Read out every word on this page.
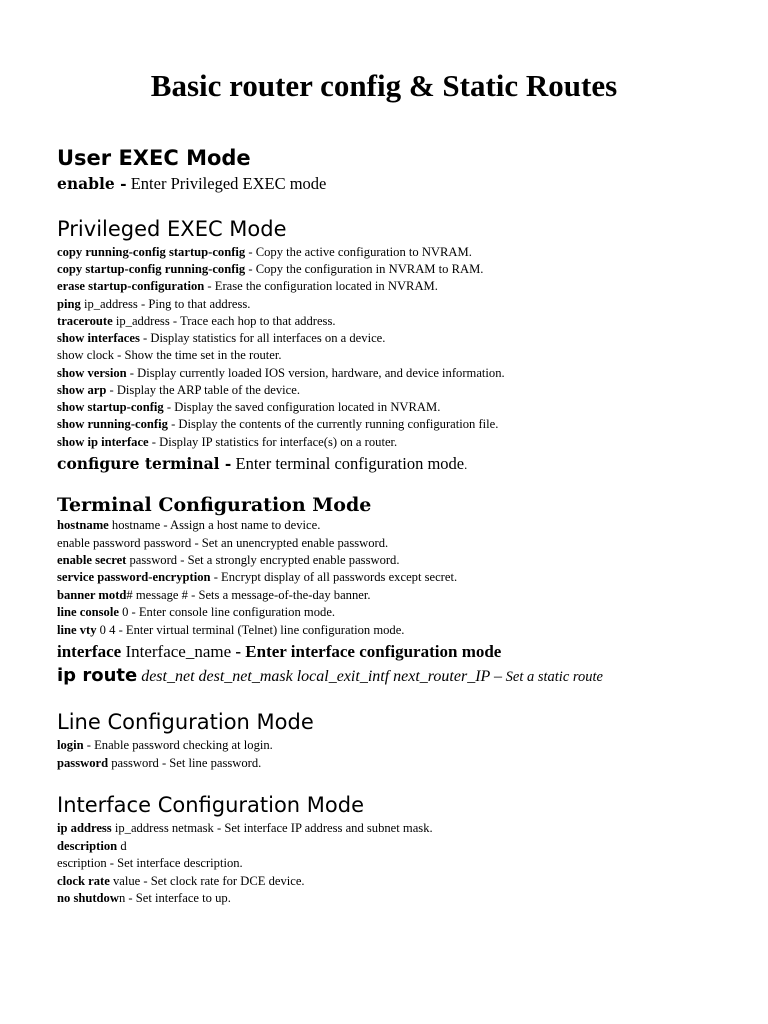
Basic router config & Static Routes
User EXEC Mode
enable - Enter Privileged EXEC mode
Privileged EXEC Mode
copy running-config startup-config - Copy the active configuration to NVRAM.
copy startup-config running-config - Copy the configuration in NVRAM to RAM.
erase startup-configuration - Erase the configuration located in NVRAM.
ping ip_address - Ping to that address.
traceroute ip_address - Trace each hop to that address.
show interfaces - Display statistics for all interfaces on a device.
show clock - Show the time set in the router.
show version - Display currently loaded IOS version, hardware, and device information.
show arp - Display the ARP table of the device.
show startup-config - Display the saved configuration located in NVRAM.
show running-config - Display the contents of the currently running configuration file.
show ip interface - Display IP statistics for interface(s) on a router.
configure terminal - Enter terminal configuration mode.
Terminal Configuration Mode
hostname hostname - Assign a host name to device.
enable password password - Set an unencrypted enable password.
enable secret password - Set a strongly encrypted enable password.
service password-encryption - Encrypt display of all passwords except secret.
banner motd# message # - Sets a message-of-the-day banner.
line console 0 - Enter console line configuration mode.
line vty 0 4 - Enter virtual terminal (Telnet) line configuration mode.
interface Interface_name - Enter interface configuration mode
ip route dest_net dest_net_mask local_exit_intf next_router_IP – Set a static route
Line Configuration Mode
login - Enable password checking at login.
password password - Set line password.
Interface Configuration Mode
ip address ip_address netmask - Set interface IP address and subnet mask.
description d
escription - Set interface description.
clock rate value - Set clock rate for DCE device.
no shutdown - Set interface to up.
